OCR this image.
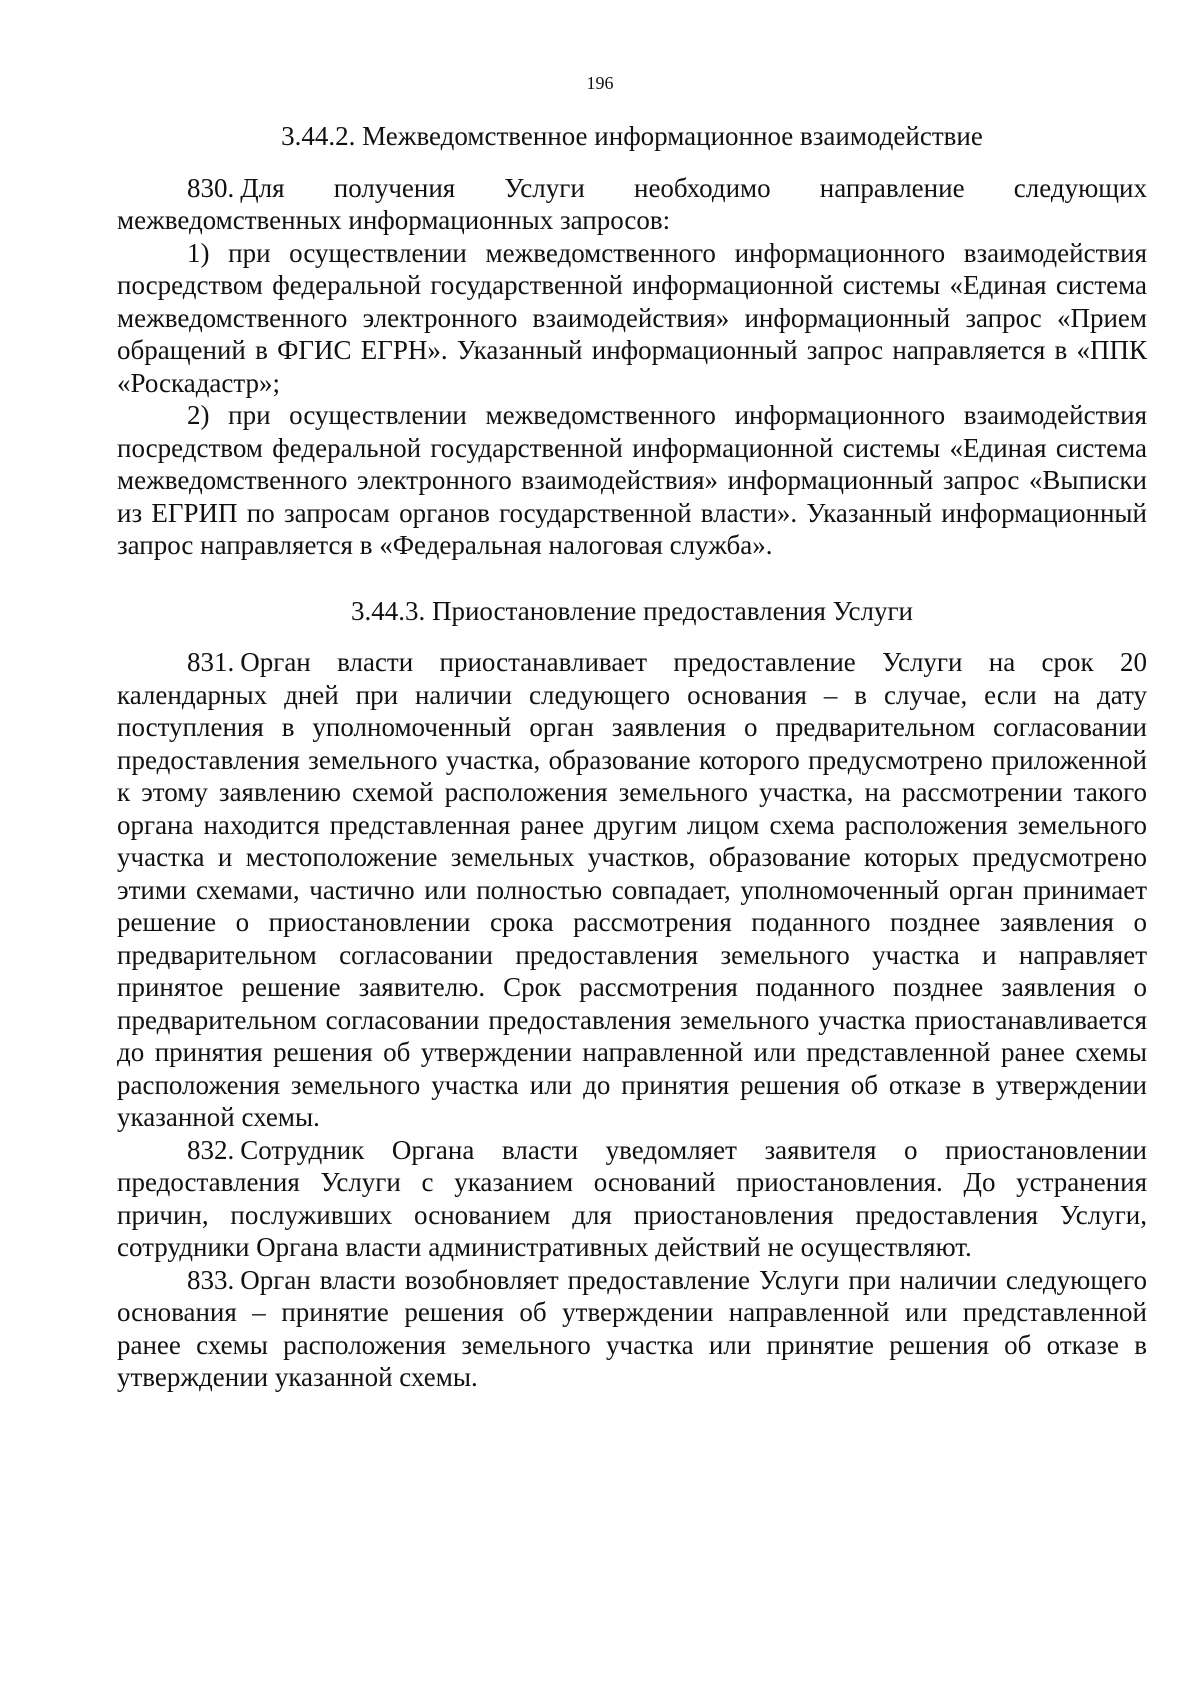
196
3.44.2. Межведомственное информационное взаимодействие

830. Для получения Услуги необходимо направление следующих межведомственных информационных запросов:

1) при осуществлении межведомственного информационного взаимодействия посредством федеральной государственной информационной системы «Единая система межведомственного электронного взаимодействия» информационный запрос «Прием обращений в ФГИС ЕГРН». Указанный информационный запрос направляется в «ППК «Роскадастр»;

2) при осуществлении межведомственного информационного взаимодействия посредством федеральной государственной информационной системы «Единая система межведомственного электронного взаимодействия» информационный запрос «Выписки из ЕГРИП по запросам органов государственной власти». Указанный информационный запрос направляется в «Федеральная налоговая служба».

3.44.3. Приостановление предоставления Услуги

831. Орган власти приостанавливает предоставление Услуги на срок 20 календарных дней при наличии следующего основания – в случае, если на дату поступления в уполномоченный орган заявления о предварительном согласовании предоставления земельного участка, образование которого предусмотрено приложенной к этому заявлению схемой расположения земельного участка, на рассмотрении такого органа находится представленная ранее другим лицом схема расположения земельного участка и местоположение земельных участков, образование которых предусмотрено этими схемами, частично или полностью совпадает, уполномоченный орган принимает решение о приостановлении срока рассмотрения поданного позднее заявления о предварительном согласовании предоставления земельного участка и направляет принятое решение заявителю. Срок рассмотрения поданного позднее заявления о предварительном согласовании предоставления земельного участка приостанавливается до принятия решения об утверждении направленной или представленной ранее схемы расположения земельного участка или до принятия решения об отказе в утверждении указанной схемы.

832. Сотрудник Органа власти уведомляет заявителя о приостановлении предоставления Услуги с указанием оснований приостановления. До устранения причин, послуживших основанием для приостановления предоставления Услуги, сотрудники Органа власти административных действий не осуществляют.

833. Орган власти возобновляет предоставление Услуги при наличии следующего основания – принятие решения об утверждении направленной или представленной ранее схемы расположения земельного участка или принятие решения об отказе в утверждении указанной схемы.
